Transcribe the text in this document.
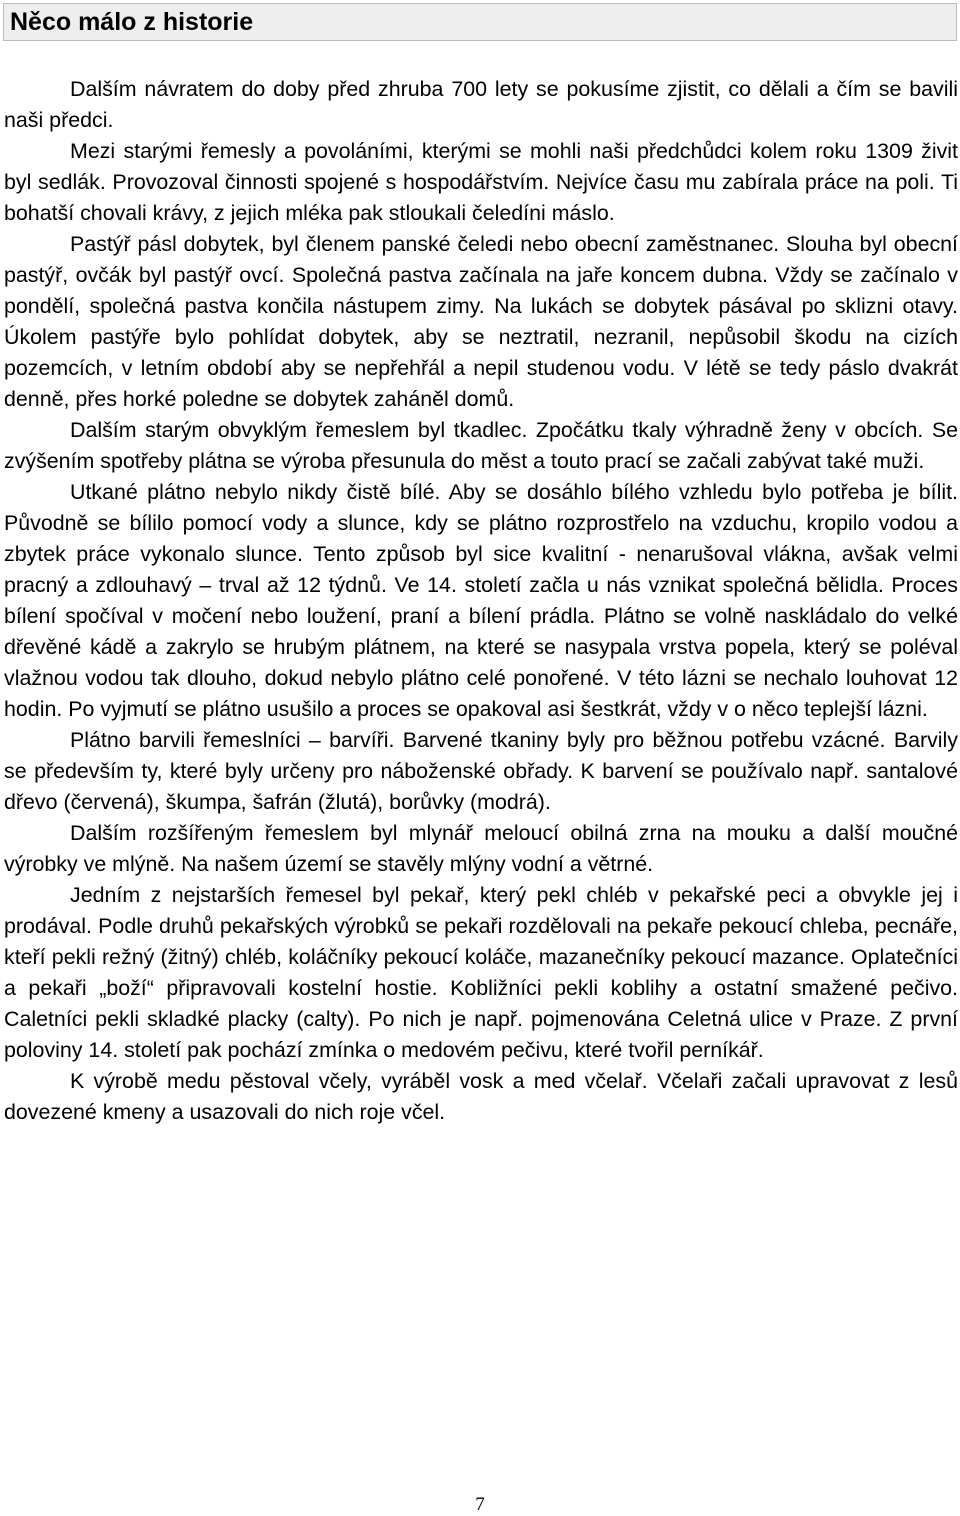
Něco málo z historie

Dalším návratem do doby před zhruba 700 lety se pokusíme zjistit, co dělali a čím se bavili naši předci.

Mezi starými řemesly a povoláními, kterými se mohli naši předchůdci kolem roku 1309 živit byl sedlák. Provozoval činnosti spojené s hospodářstvím. Nejvíce času mu zabírala práce na poli. Ti bohatší chovali krávy, z jejich mléka pak stloukali čeledíni máslo.

Pastýř pásl dobytek, byl členem panské čeledi nebo obecní zaměstnanec. Slouha byl obecní pastýř, ovčák byl pastýř ovcí. Společná pastva začínala na jaře koncem dubna. Vždy se začínalo v pondělí, společná pastva končila nástupem zimy. Na lukách se dobytek pásával po sklizni otavy. Úkolem pastýře bylo pohlídat dobytek, aby se neztratil, nezranil, nepůsobil škodu na cizích pozemcích, v letním období aby se nepřehřál a nepil studenou vodu. V létě se tedy páslo dvakrát denně, přes horké poledne se dobytek zaháněl domů.

Dalším starým obvyklým řemeslem byl tkadlec. Zpočátku tkaly výhradně ženy v obcích. Se zvýšením spotřeby plátna se výroba přesunula do měst a touto prací se začali zabývat také muži.

Utkané plátno nebylo nikdy čistě bílé. Aby se dosáhlo bílého vzhledu bylo potřeba je bílit. Původně se bílilo pomocí vody a slunce, kdy se plátno rozprostřelo na vzduchu, kropilo vodou a zbytek práce vykonalo slunce. Tento způsob byl sice kvalitní - nenarušoval vlákna, avšak velmi pracný a zdlouhavý – trval až 12 týdnů. Ve 14. století začla u nás vznikat společná bělidla. Proces bílení spočíval v močení nebo loužení, praní a bílení prádla. Plátno se volně naskládalo do velké dřevěné kádě a zakrylo se hrubým plátnem, na které se nasypala vrstva popela, který se poléval vlažnou vodou tak dlouho, dokud nebylo plátno celé ponořené. V této lázni se nechalo louhovat 12 hodin. Po vyjmutí se plátno usušilo a proces se opakoval asi šestkrát, vždy v o něco teplejší lázni.

Plátno barvili řemeslníci – barvíři. Barvené tkaniny byly pro běžnou potřebu vzácné. Barvily se především ty, které byly určeny pro náboženské obřady. K barvení se používalo např. santalové dřevo (červená), škumpa, šafrán (žlutá), borůvky (modrá).

Dalším rozšířeným řemeslem byl mlynář meloucí obilná zrna na mouku a další moučné výrobky ve mlýně. Na našem území se stavěly mlýny vodní a větrné.

Jedním z nejstarších řemesel byl pekař, který pekl chléb v pekařské peci a obvykle jej i prodával. Podle druhů pekařských výrobků se pekaři rozdělovali na pekaře pekoucí chleba, pecnáře, kteří pekli režný (žitný) chléb, koláčníky pekoucí koláče, mazanečníky pekoucí mazance. Oplatečníci a pekaři „boží“ připravovali kostelní hostie. Kobližníci pekli koblihy a ostatní smažené pečivo. Caletníci pekli skladké placky (calty). Po nich je např. pojmenována Celetná ulice v Praze. Z první poloviny 14. století pak pochází zmínka o medovém pečivu, které tvořil perníkář.

K výrobě medu pěstoval včely, vyráběl vosk a med včelař. Včelaři začali upravovat z lesů dovezené kmeny a usazovali do nich roje včel.

7
